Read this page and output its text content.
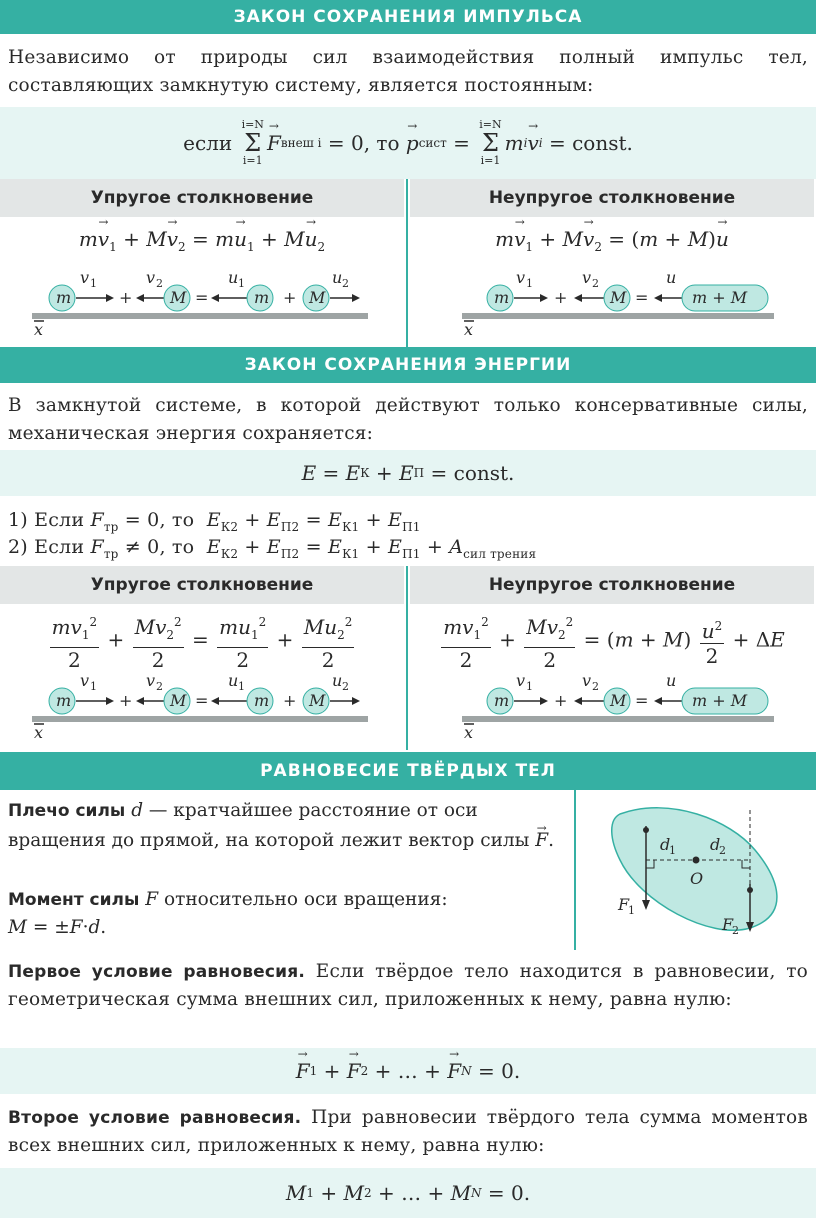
ЗАКОН СОХРАНЕНИЯ ИМПУЛЬСА
Независимо от природы сил взаимодействия полный импульс тел, составляющих замкнутую систему, является постоянным:
если

i=N
Σ
i=1
→ F внеш i = 0 , то
→ p сист =
i=N
Σ
i=1
m i → v i
= const.
Упругое столкновение
$m\to v_1 + M\to v_2 = m\to u_1 + M\to u_2$
x
m
v 1
+
v 2
M =
u 1
m + M
u 2
Неупругое столкновение
$m\to v_1 + M\to v_2 = (m + M)\to u$
x
m
v 1
+
v 2
M =
u
m + M
ЗАКОН СОХРАНЕНИЯ ЭНЕРГИИ
В замкнутой системе, в которой действуют только консервативные силы, механическая энергия сохраняется:
E = E К + E П = const.
1) Если $F_{тр} = 0$, то $E_{К2} + E_{П2} = E_{К1} + E_{П1}$
2) Если $F_{тр} \ne 0$, то $E_{К2} + E_{П2} = E_{К1} + E_{П1} + A_{сил трения}$
Упругое столкновение
$\frac{mv_1^2}{2} + \frac{Mv_2^2}{2} = \frac{mu_1^2}{2} + \frac{Mu_2^2}{2}$
x
m
v 1
+
v 2
M =
u 1
m + M
u 2
Неупругое столкновение
$\frac{mv_1^2}{2} + \frac{Mv_2^2}{2} = (m + M) \frac{u^2}{2} + \Delta E$
x
m
v 1
+
v 2
M =
u
m + M
РАВНОВЕСИЕ ТВЁРДЫХ ТЕЛ
Плечо силы d — кратчайшее расстояние от оси вращения до прямой, на которой лежит вектор силы → F.
Момент силы F относительно оси вращения:
M = ±F·d.
d
1 d
2
O
F
1
F
2
Первое условие равновесия. Если твёрдое тело находится в равновесии, то геометрическая сумма внешних сил, приложенных к нему, равна нулю:
→ F 1 + → F 2 + … + → F N = 0.
Второе условие равновесия. При равновесии твёрдого тела сумма моментов всех внешних сил, приложенных к нему, равна нулю:
M 1 + M 2 + … + M N = 0.
